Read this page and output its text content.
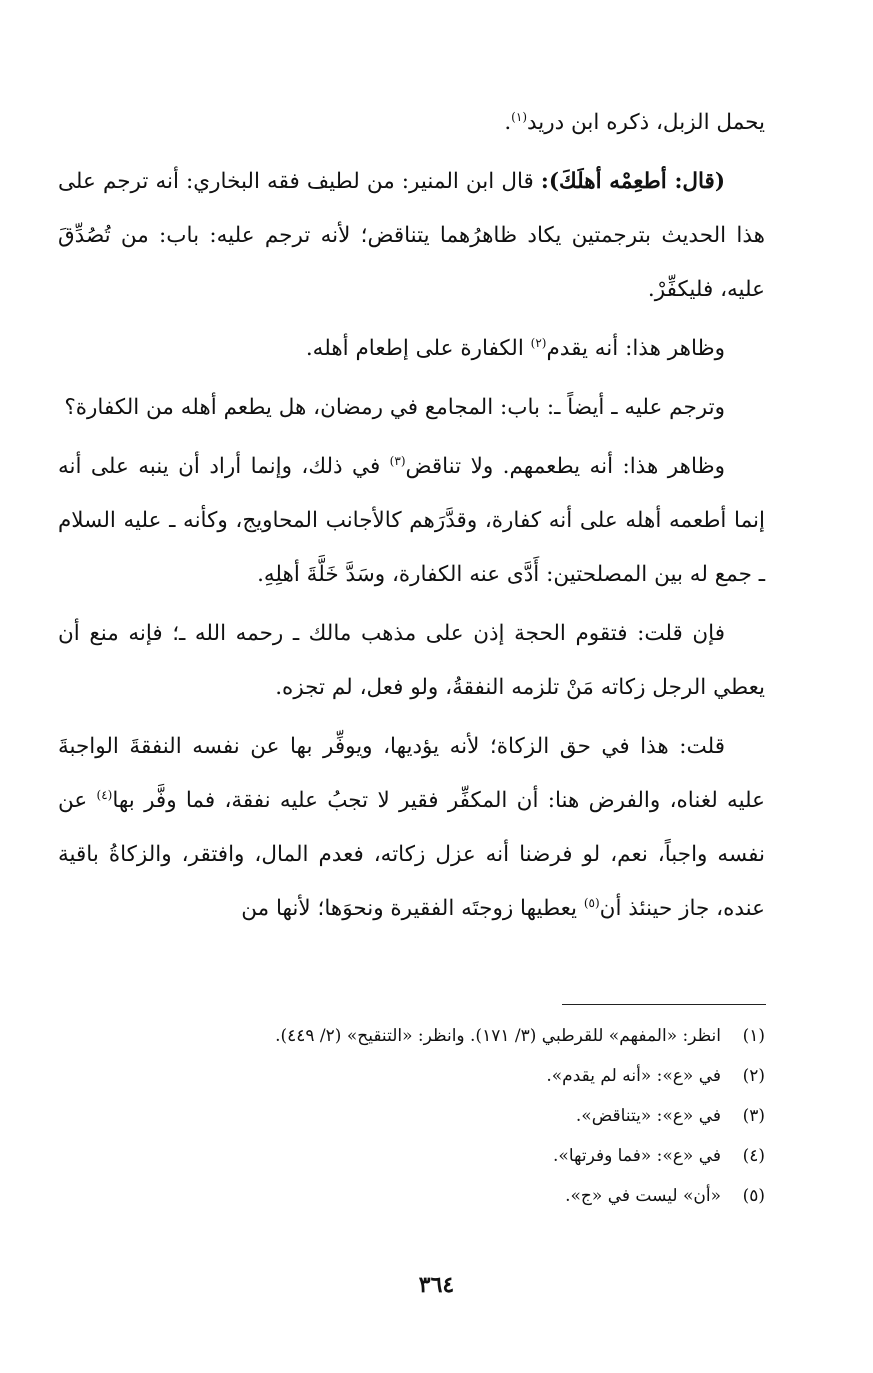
يحمل الزبل، ذكره ابن دريد$^{(١)}$.

(قال: أطعِمْه أهلَكَ): قال ابن المنير: من لطيف فقه البخاري: أنه ترجم على هذا الحديث بترجمتين يكاد ظاهرُهما يتناقض؛ لأنه ترجم عليه: باب: من تُصُدِّقَ عليه، فليكفِّرْ.

وظاهر هذا: أنه يقدم$^{(٢)}$ الكفارة على إطعام أهله.

وترجم عليه ـ أيضاً ـ: باب: المجامع في رمضان، هل يطعم أهله من الكفارة؟

وظاهر هذا: أنه يطعمهم. ولا تناقض$^{(٣)}$ في ذلك، وإنما أراد أن ينبه على أنه إنما أطعمه أهله على أنه كفارة، وقدَّرَهم كالأجانب المحاويج، وكأنه ـ عليه السلام ـ جمع له بين المصلحتين: أَدَّى عنه الكفارة، وسَدَّ خَلَّةَ أهلِهِ.

فإن قلت: فتقوم الحجة إذن على مذهب مالك ـ رحمه الله ـ؛ فإنه منع أن يعطي الرجل زكاته مَنْ تلزمه النفقةُ، ولو فعل، لم تجزه.

قلت: هذا في حق الزكاة؛ لأنه يؤديها، ويوفِّر بها عن نفسه النفقةَ الواجبةَ عليه لغناه، والفرض هنا: أن المكفِّر فقير لا تجبُ عليه نفقة، فما وفَّر بها$^{(٤)}$ عن نفسه واجباً، نعم، لو فرضنا أنه عزل زكاته، فعدم المال، وافتقر، والزكاةُ باقية عنده، جاز حينئذ أن$^{(٥)}$ يعطيها زوجتَه الفقيرة ونحوَها؛ لأنها من

(١)انظر: «المفهم» للقرطبي (٣/ ١٧١). وانظر: «التنقيح» (٢/ ٤٤٩).
(٢)في «ع»: «أنه لم يقدم».
(٣)في «ع»: «يتناقض».
(٤)في «ع»: «فما وفرتها».
(٥)«أن» ليست في «ج».
٣٦٤
